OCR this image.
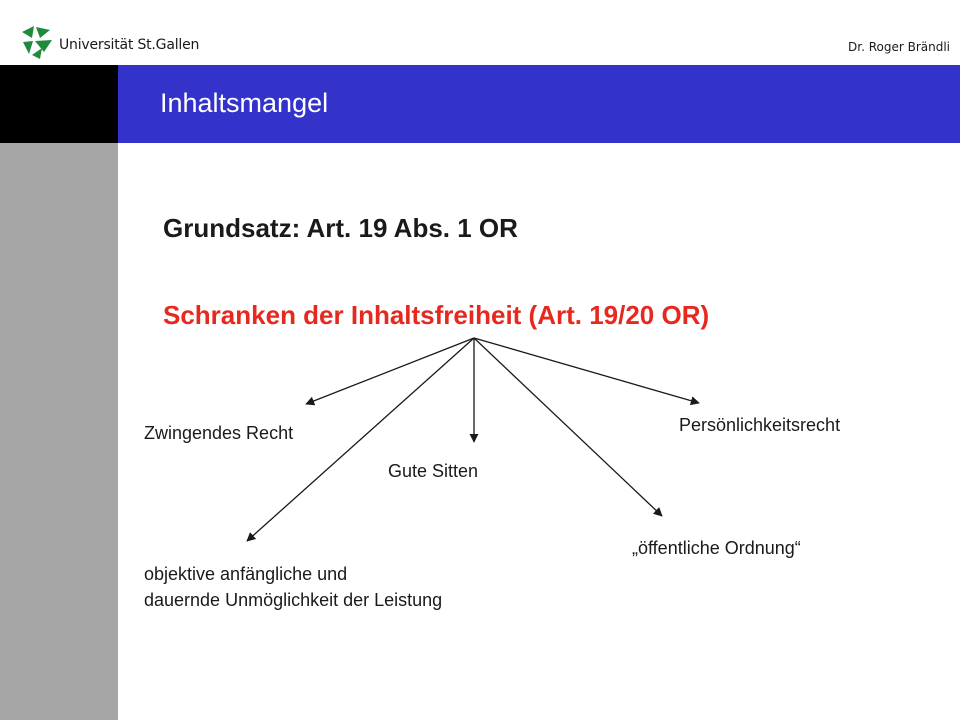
Universität St.Gallen	Dr. Roger Brändli
Inhaltsmangel
Grundsatz: Art. 19 Abs. 1 OR
Schranken der Inhaltsfreiheit (Art. 19/20 OR)
Zwingendes Recht
Gute Sitten
Persönlichkeitsrecht
„öffentliche Ordnung“
objektive anfängliche und
dauernde Unmöglichkeit der Leistung
